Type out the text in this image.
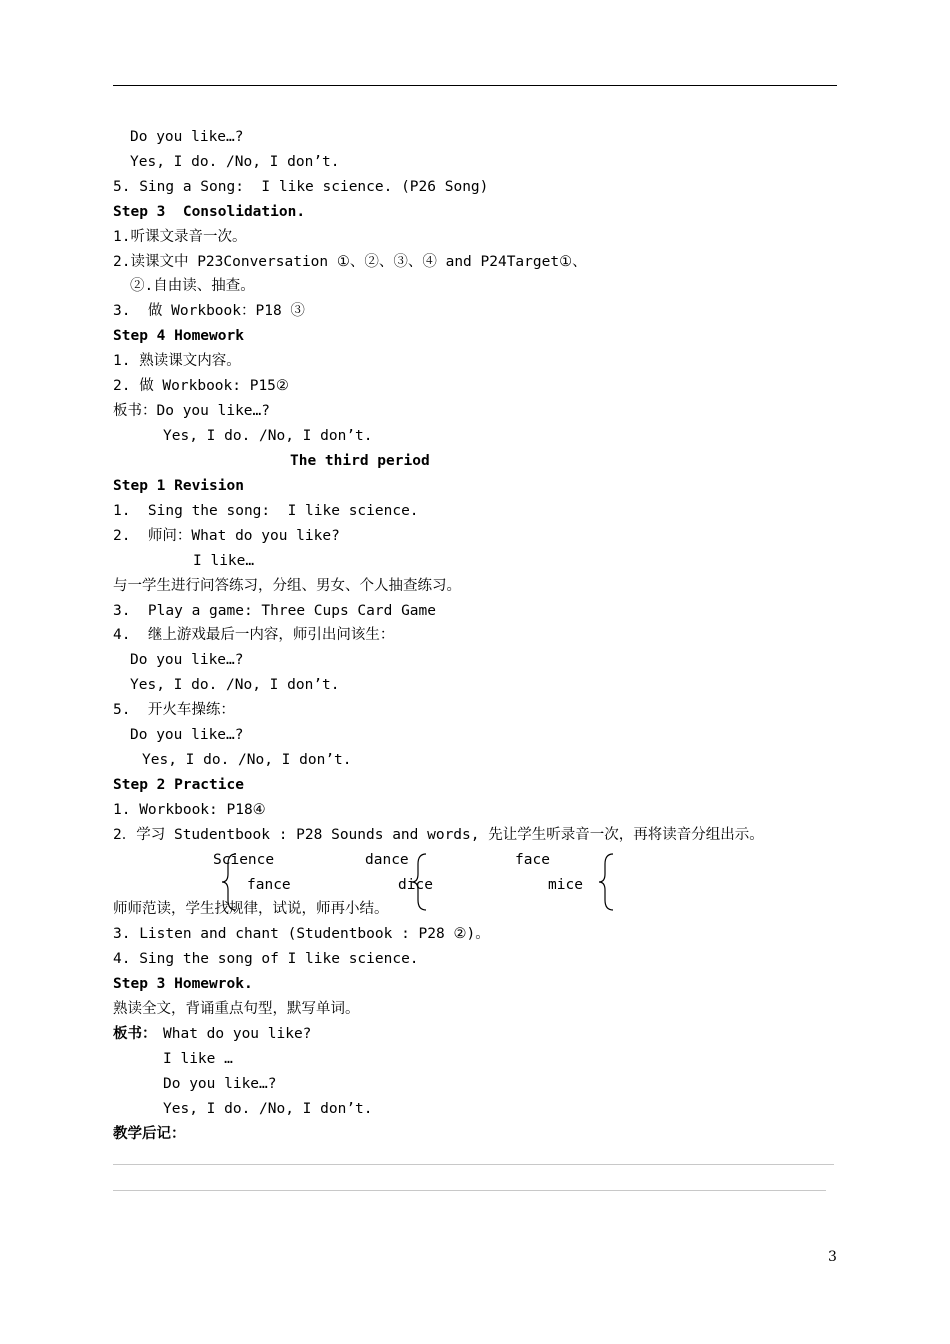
Do you like…?
Yes, I do. /No, I don’t.
5. Sing a Song:  I like science. (P26 Song)
Step 3  Consolidation.
1.听课文录音一次。
2.读课文中 P23Conversation ①、②、③、④ and P24Target①、
②.自由读、抽查。
3.  做 Workbook：P18 ③
Step 4 Homework
1. 熟读课文内容。
2. 做 Workbook: P15②
板书：Do you like…?
Yes, I do. /No, I don’t.
The third period
Step 1 Revision
1.  Sing the song:  I like science.
2.  师问：What do you like?
I like…
与一学生进行问答练习，分组、男女、个人抽查练习。
3.  Play a game: Three Cups Card Game
4.  继上游戏最后一内容，师引出问该生：
Do you like…?
Yes, I do. /No, I don’t.
5.  开火车操练：
Do you like…?
Yes, I do. /No, I don’t.
Step 2 Practice
1. Workbook: P18④
2．学习 Studentbook : P28 Sounds and words, 先让学生听录音一次，再将读音分组出示。
Science	dance	face
fance	dice	mice
师师范读，学生找规律，试说，师再小结。
3. Listen and chant (Studentbook : P28 ②)。
4. Sing the song of I like science.
Step 3 Homewrok.
熟读全文，背诵重点句型，默写单词。
板书： What do you like?
I like …
Do you like…?
Yes, I do. /No, I don’t.
教学后记：
3
